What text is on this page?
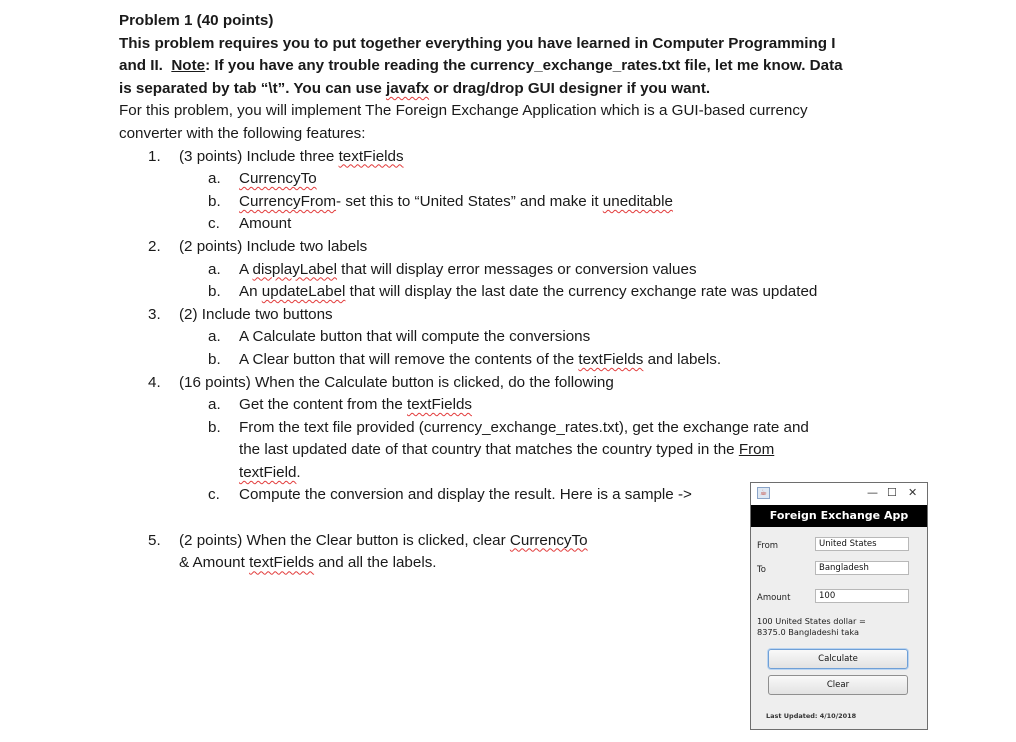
Problem 1 (40 points)
This problem requires you to put together everything you have learned in Computer Programming I
and II. Note: If you have any trouble reading the currency_exchange_rates.txt file, let me know. Data
is separated by tab “\t”. You can use javafx or drag/drop GUI designer if you want.
For this problem, you will implement The Foreign Exchange Application which is a GUI-based currency
converter with the following features:
1. (3 points) Include three textFields
a. CurrencyTo
b. CurrencyFrom- set this to “United States” and make it uneditable
c. Amount
2. (2 points) Include two labels
a. A displayLabel that will display error messages or conversion values
b. An updateLabel that will display the last date the currency exchange rate was updated
3. (2) Include two buttons
a. A Calculate button that will compute the conversions
b. A Clear button that will remove the contents of the textFields and labels.
4. (16 points) When the Calculate button is clicked, do the following
a. Get the content from the textFields
b. From the text file provided (currency_exchange_rates.txt), get the exchange rate and
the last updated date of that country that matches the country typed in the From
textField.
c. Compute the conversion and display the result. Here is a sample ->
5. (2 points) When the Clear button is clicked, clear CurrencyTo
& Amount textFields and all the labels.
☕	— ☐ ✕
Foreign Exchange App
From	United States
To	Bangladesh
Amount	100
100 United States dollar =
8375.0 Bangladeshi taka
Calculate
Clear
Last Updated: 4/10/2018
